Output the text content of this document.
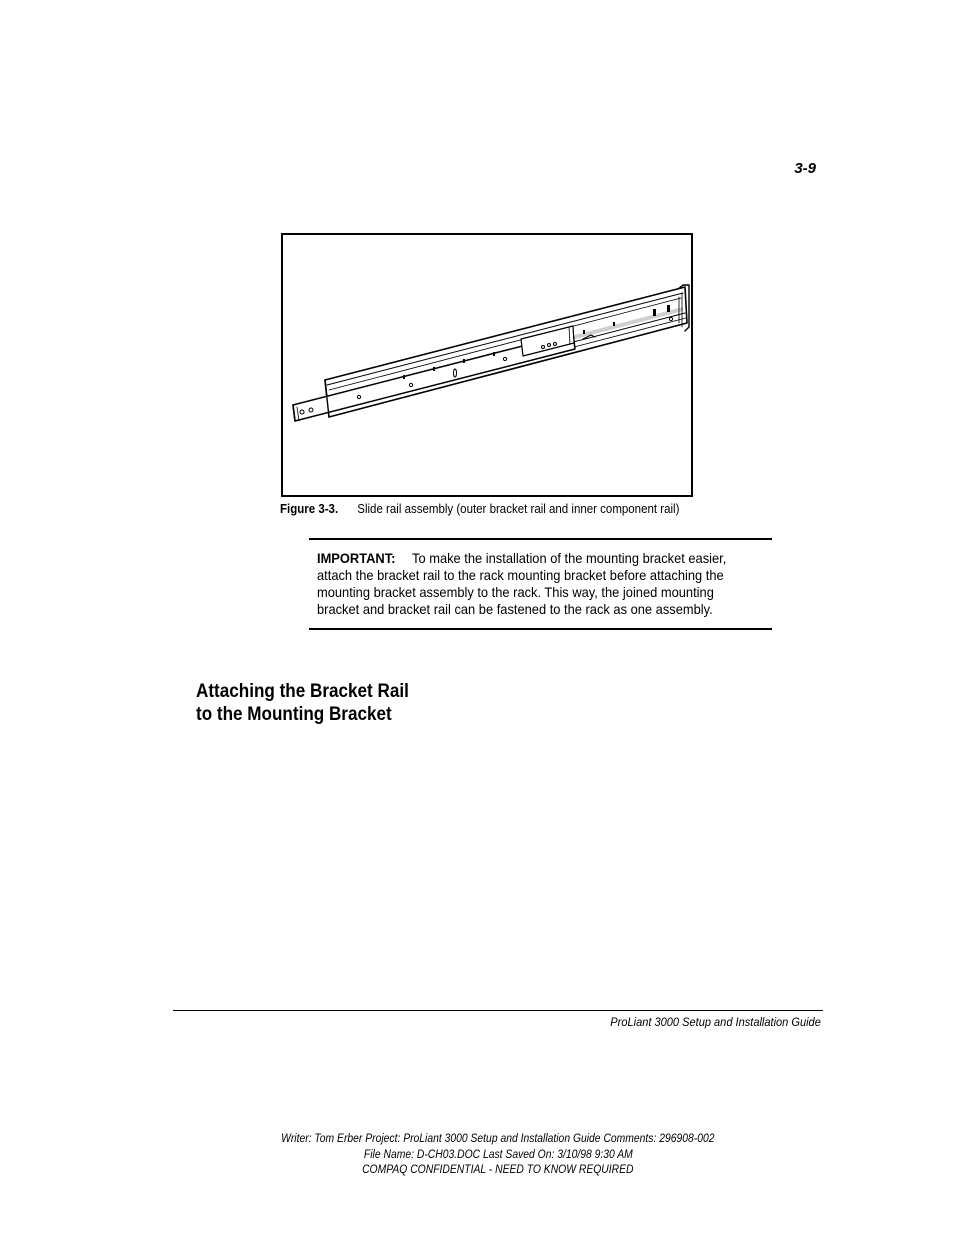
3-9
Figure 3-3. Slide rail assembly (outer bracket rail and inner component rail)
IMPORTANT: To make the installation of the mounting bracket easier, attach the bracket rail to the rack mounting bracket before attaching the mounting bracket assembly to the rack. This way, the joined mounting bracket and bracket rail can be fastened to the rack as one assembly.
Attaching the Bracket Rail
to the Mounting Bracket
ProLiant 3000 Setup and Installation Guide
Writer: Tom Erber Project: ProLiant 3000 Setup and Installation Guide Comments: 296908-002
File Name: D-CH03.DOC Last Saved On: 3/10/98 9:30 AM
COMPAQ CONFIDENTIAL - NEED TO KNOW REQUIRED
